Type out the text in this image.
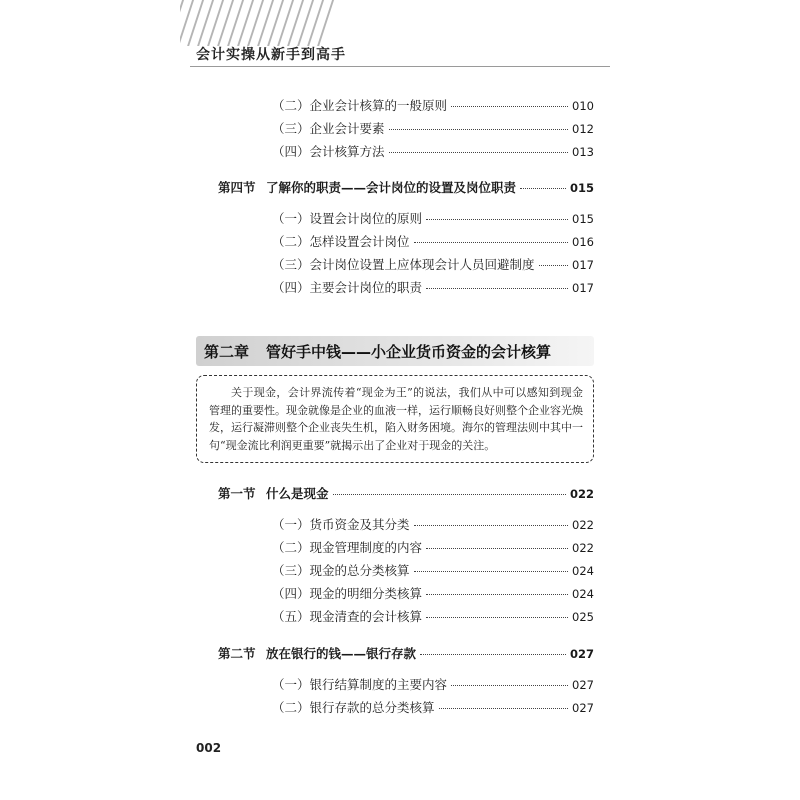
会计实操从新手到高手
（二） 企业会计核算的一般原则	010
（三） 企业会计要素	012
（四） 会计核算方法	013
第四节 了解你的职责——会计岗位的设置及岗位职责	015
（一） 设置会计岗位的原则	015
（二） 怎样设置会计岗位	016
（三） 会计岗位设置上应体现会计人员回避制度	017
（四） 主要会计岗位的职责	017
第二章	管好手中钱——小企业货币资金的会计核算
关于现金，会计界流传着“现金为王”的说法，我们从中可以感知到现金管理的重要性。现金就像是企业的血液一样，运行顺畅良好则整个企业容光焕发，运行凝滞则整个企业丧失生机，陷入财务困境。海尔的管理法则中其中一句“现金流比利润更重要”就揭示出了企业对于现金的关注。
第一节 什么是现金	022
（一） 货币资金及其分类	022
（二） 现金管理制度的内容	022
（三） 现金的总分类核算	024
（四） 现金的明细分类核算	024
（五） 现金清查的会计核算	025
第二节 放在银行的钱——银行存款	027
（一） 银行结算制度的主要内容	027
（二） 银行存款的总分类核算	027
002
